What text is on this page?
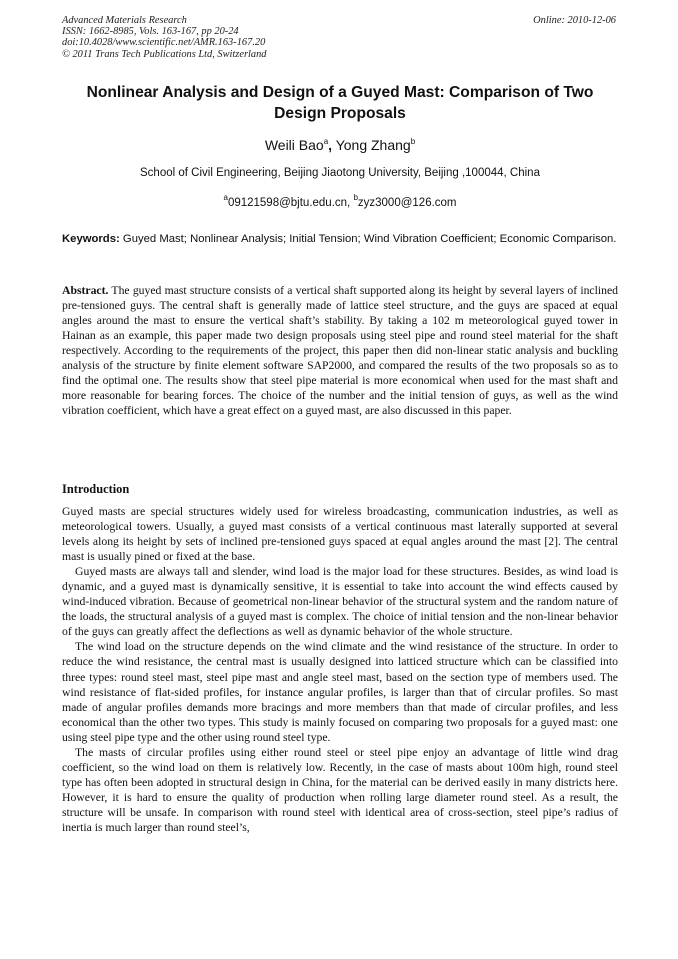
Advanced Materials Research
ISSN: 1662-8985, Vols. 163-167, pp 20-24
doi:10.4028/www.scientific.net/AMR.163-167.20
© 2011 Trans Tech Publications Ltd, Switzerland
Online: 2010-12-06
Nonlinear Analysis and Design of a Guyed Mast: Comparison of Two Design Proposals
Weili Bao$^a$, Yong Zhang$^b$
School of Civil Engineering, Beijing Jiaotong University, Beijing ,100044, China
$^a$09121598@bjtu.edu.cn, $^b$zyz3000@126.com
Keywords: Guyed Mast; Nonlinear Analysis; Initial Tension; Wind Vibration Coefficient; Economic Comparison.
Abstract. The guyed mast structure consists of a vertical shaft supported along its height by several layers of inclined pre-tensioned guys. The central shaft is generally made of lattice steel structure, and the guys are spaced at equal angles around the mast to ensure the vertical shaft’s stability. By taking a 102 m meteorological guyed tower in Hainan as an example, this paper made two design proposals using steel pipe and round steel material for the shaft respectively. According to the requirements of the project, this paper then did non-linear static analysis and buckling analysis of the structure by finite element software SAP2000, and compared the results of the two proposals so as to find the optimal one. The results show that steel pipe material is more economical when used for the mast shaft and more reasonable for bearing forces. The choice of the number and the initial tension of guys, as well as the wind vibration coefficient, which have a great effect on a guyed mast, are also discussed in this paper.
Introduction

Guyed masts are special structures widely used for wireless broadcasting, communication industries, as well as meteorological towers. Usually, a guyed mast consists of a vertical continuous mast laterally supported at several levels along its height by sets of inclined pre-tensioned guys spaced at equal angles around the mast [2]. The central mast is usually pined or fixed at the base.

Guyed masts are always tall and slender, wind load is the major load for these structures. Besides, as wind load is dynamic, and a guyed mast is dynamically sensitive, it is essential to take into account the wind effects caused by wind-induced vibration. Because of geometrical non-linear behavior of the structural system and the random nature of the loads, the structural analysis of a guyed mast is complex. The choice of initial tension and the non-linear behavior of the guys can greatly affect the deflections as well as dynamic behavior of the whole structure.

The wind load on the structure depends on the wind climate and the wind resistance of the structure. In order to reduce the wind resistance, the central mast is usually designed into latticed structure which can be classified into three types: round steel mast, steel pipe mast and angle steel mast, based on the section type of members used. The wind resistance of flat-sided profiles, for instance angular profiles, is larger than that of circular profiles. So mast made of angular profiles demands more bracings and more members than that made of circular profiles, and less economical than the other two types. This study is mainly focused on comparing two proposals for a guyed mast: one using steel pipe type and the other using round steel type.

The masts of circular profiles using either round steel or steel pipe enjoy an advantage of little wind drag coefficient, so the wind load on them is relatively low. Recently, in the case of masts about 100m high, round steel type has often been adopted in structural design in China, for the material can be derived easily in many districts here. However, it is hard to ensure the quality of production when rolling large diameter round steel. As a result, the structure will be unsafe. In comparison with round steel with identical area of cross-section, steel pipe’s radius of inertia is much larger than round steel’s,
